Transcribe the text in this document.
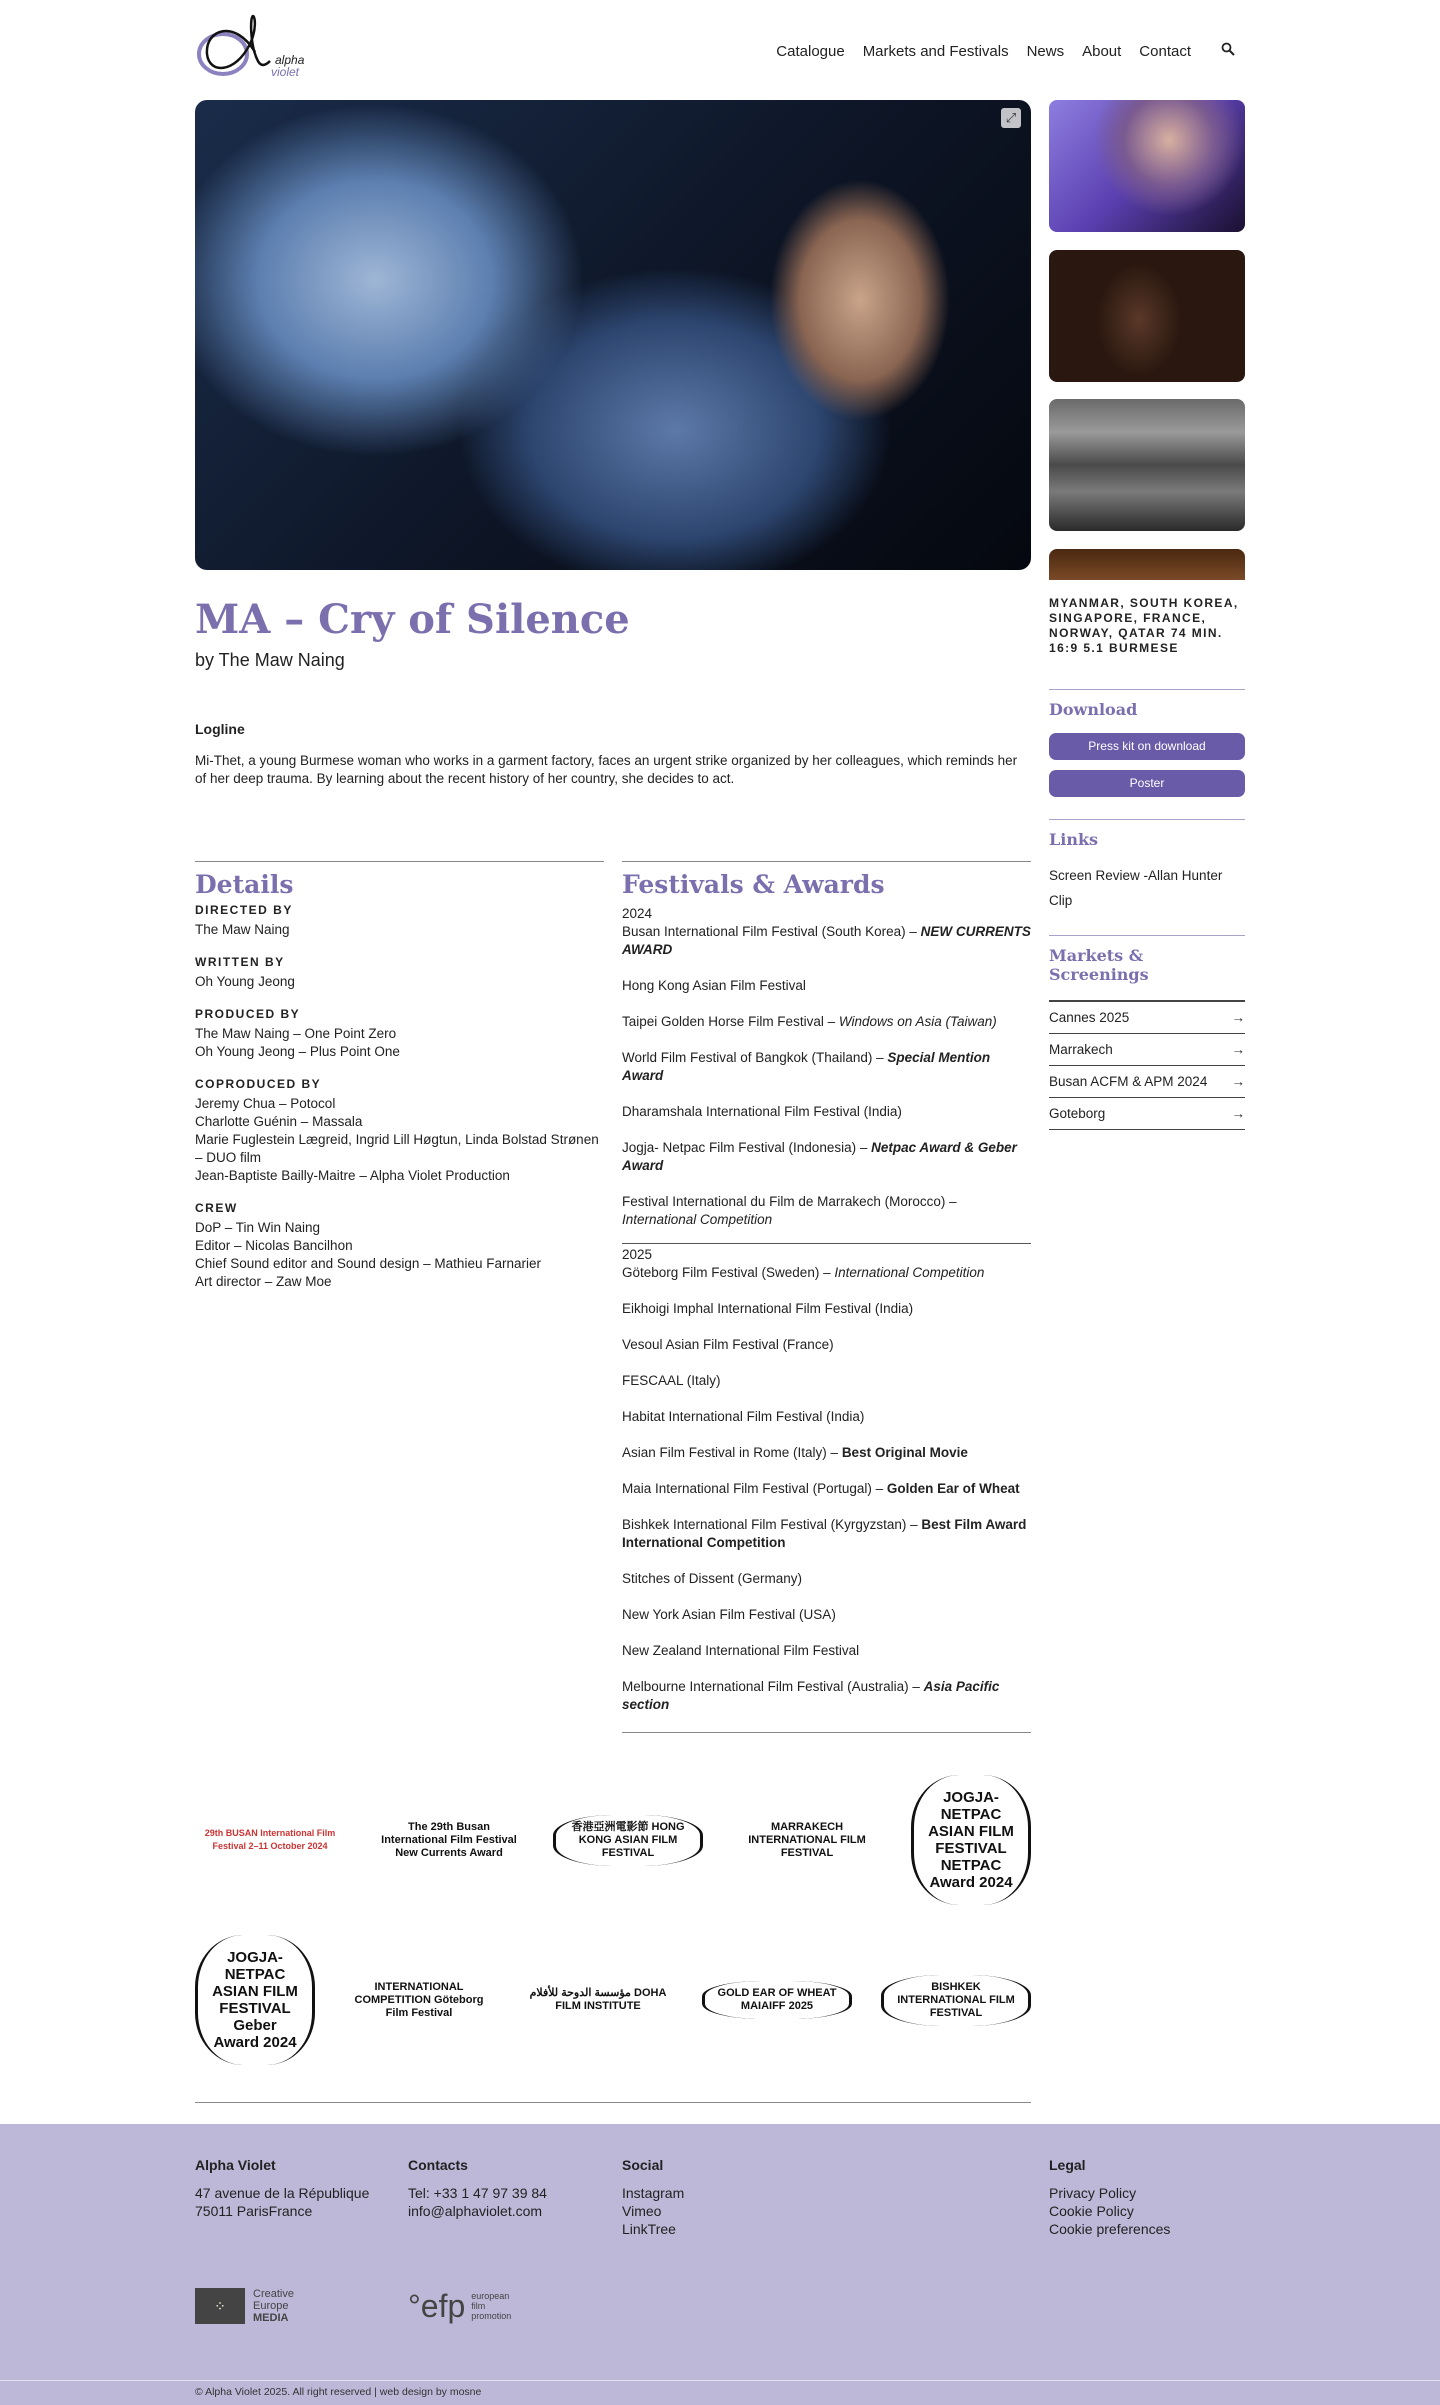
alpha
violet
Catalogue Markets and Festivals News About Contact
⤢
MA – Cry of Silence
by The Maw Naing
Logline

Mi-Thet, a young Burmese woman who works in a garment factory, faces an urgent strike organized by her colleagues, which reminds her of her deep trauma. By learning about the recent history of her country, she decides to act.

Details
DIRECTED BY
The Maw Naing
WRITTEN BY
Oh Young Jeong
PRODUCED BY
The Maw Naing – One Point Zero
Oh Young Jeong – Plus Point One
COPRODUCED BY
Jeremy Chua – Potocol
Charlotte Guénin – Massala
Marie Fuglestein Lægreid, Ingrid Lill Høgtun, Linda Bolstad Strønen – DUO film
Jean-Baptiste Bailly-Maitre – Alpha Violet Production
CREW
DoP – Tin Win Naing
Editor – Nicolas Bancilhon
Chief Sound editor and Sound design – Mathieu Farnarier
Art director – Zaw Moe
Festivals & Awards
2024
Busan International Film Festival (South Korea) – NEW CURRENTS AWARD
Hong Kong Asian Film Festival
Taipei Golden Horse Film Festival – Windows on Asia (Taiwan)
World Film Festival of Bangkok (Thailand) – Special Mention Award
Dharamshala International Film Festival (India)
Jogja- Netpac Film Festival (Indonesia) – Netpac Award & Geber Award
Festival International du Film de Marrakech (Morocco) – International Competition
2025
Göteborg Film Festival (Sweden) – International Competition
Eikhoigi Imphal International Film Festival (India)
Vesoul Asian Film Festival (France)
FESCAAL (Italy)
Habitat International Film Festival (India)
Asian Film Festival in Rome (Italy) – Best Original Movie
Maia International Film Festival (Portugal) – Golden Ear of Wheat
Bishkek International Film Festival (Kyrgyzstan) – Best Film Award International Competition
Stitches of Dissent (Germany)
New York Asian Film Festival (USA)
New Zealand International Film Festival
Melbourne International Film Festival (Australia) – Asia Pacific section
MYANMAR, SOUTH KOREA, SINGAPORE, FRANCE, NORWAY, QATAR 74 MIN. 16:9 5.1 BURMESE
Download
Press kit on download
Poster
Links
Screen Review -Allan Hunter
Clip
Markets & Screenings
Cannes 2025	→
Marrakech	→
Busan ACFM & APM 2024 →
Goteborg	→
29th BUSAN International Film Festival 2–11 October 2024
The 29th Busan International Film Festival New Currents Award
香港亞洲電影節 HONG KONG ASIAN FILM FESTIVAL
MARRAKECH INTERNATIONAL FILM FESTIVAL
JOGJA-NETPAC ASIAN FILM FESTIVAL NETPAC Award 2024
JOGJA-NETPAC ASIAN FILM FESTIVAL Geber Award 2024
INTERNATIONAL COMPETITION Göteborg Film Festival
مؤسسة الدوحة للأفلام DOHA FILM INSTITUTE
GOLD EAR OF WHEAT MAIAIFF 2025
BISHKEK INTERNATIONAL FILM FESTIVAL
Alpha Violet
47 avenue de la République
75011 ParisFrance
Contacts
Tel: +33 1 47 97 39 84
info@alphaviolet.com
Social
Instagram
Vimeo
LinkTree
Legal
Privacy Policy
Cookie Policy
Cookie preferences
⁘
Creative
Europe
MEDIA	°efp european
film
promotion
© Alpha Violet 2025. All right reserved | web design by mosne
